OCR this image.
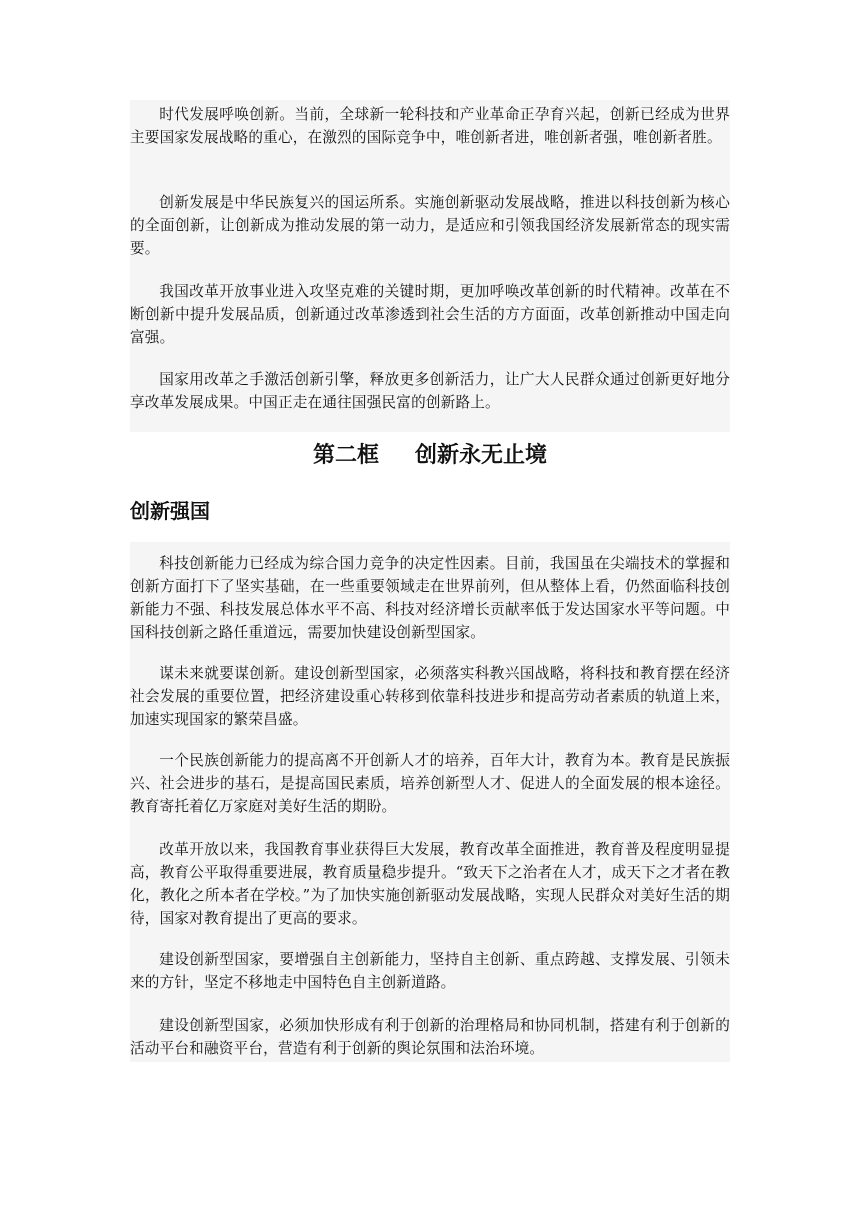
时代发展呼唤创新。当前，全球新一轮科技和产业革命正孕育兴起，创新已经成为世界主要国家发展战略的重心，在激烈的国际竞争中，唯创新者进，唯创新者强，唯创新者胜。

创新发展是中华民族复兴的国运所系。实施创新驱动发展战略，推进以科技创新为核心的全面创新，让创新成为推动发展的第一动力，是适应和引领我国经济发展新常态的现实需要。

我国改革开放事业进入攻坚克难的关键时期，更加呼唤改革创新的时代精神。改革在不断创新中提升发展品质，创新通过改革渗透到社会生活的方方面面，改革创新推动中国走向富强。

国家用改革之手激活创新引擎，释放更多创新活力，让广大人民群众通过创新更好地分享改革发展成果。中国正走在通往国强民富的创新路上。

第二框 创新永无止境
创新强国

科技创新能力已经成为综合国力竞争的决定性因素。目前，我国虽在尖端技术的掌握和创新方面打下了坚实基础，在一些重要领域走在世界前列，但从整体上看，仍然面临科技创新能力不强、科技发展总体水平不高、科技对经济增长贡献率低于发达国家水平等问题。中国科技创新之路任重道远，需要加快建设创新型国家。

谋未来就要谋创新。建设创新型国家，必须落实科教兴国战略，将科技和教育摆在经济社会发展的重要位置，把经济建设重心转移到依靠科技进步和提高劳动者素质的轨道上来，加速实现国家的繁荣昌盛。

一个民族创新能力的提高离不开创新人才的培养，百年大计，教育为本。教育是民族振兴、社会进步的基石，是提高国民素质，培养创新型人才、促进人的全面发展的根本途径。教育寄托着亿万家庭对美好生活的期盼。

改革开放以来，我国教育事业获得巨大发展，教育改革全面推进，教育普及程度明显提高，教育公平取得重要进展，教育质量稳步提升。“致天下之治者在人才，成天下之才者在教化，教化之所本者在学校。”为了加快实施创新驱动发展战略，实现人民群众对美好生活的期待，国家对教育提出了更高的要求。

建设创新型国家，要增强自主创新能力，坚持自主创新、重点跨越、支撑发展、引领未来的方针，坚定不移地走中国特色自主创新道路。

建设创新型国家，必须加快形成有利于创新的治理格局和协同机制，搭建有利于创新的活动平台和融资平台，营造有利于创新的舆论氛围和法治环境。
